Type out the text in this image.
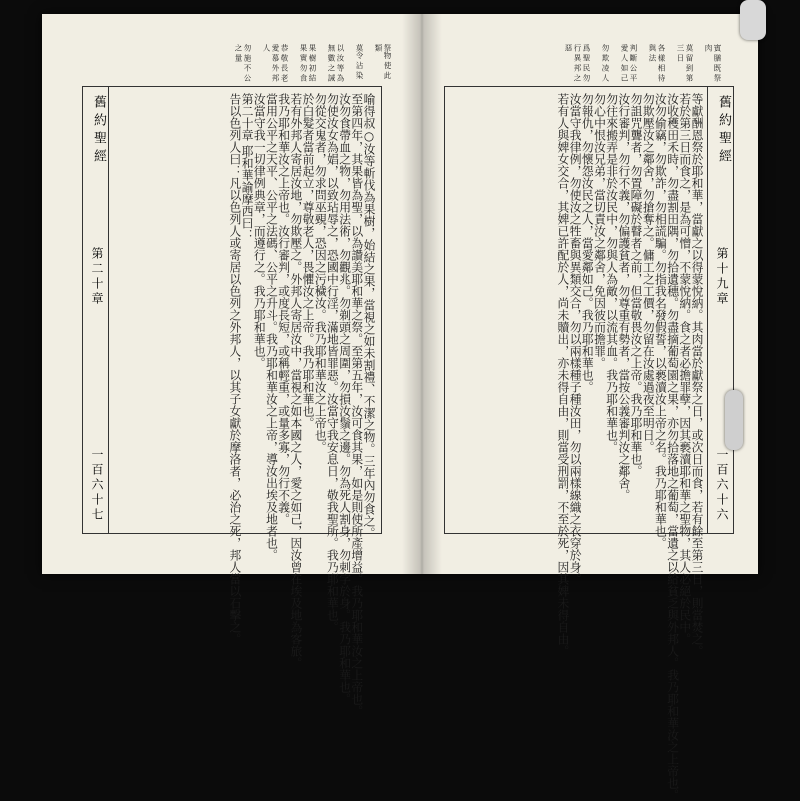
祭物 使 此 類
莫令 沾 染
以 汝 等 為 無 數 之 誡
果 樹 初 結 果 實 勿 食
恭 敬 長 老 愛 慕 外 邦 人
勿 施 不 公 之 量
舊約聖經
第二十章
一百六十七	喻得叔○汝等斬伐為果樹，始結之果，當視之如未割禮、不潔之物。三年內勿食之。
至第四年，其果皆為聖，以為讚美耶和華之祭。至第五年，汝可食其果，如是則使所產增益。我乃耶和華汝之上帝也。
汝勿食帶血之物，勿用法術，勿觀兆。勿剃頭之周圍，勿損汝鬚之邊。勿為死人割身，勿刺字於身。我乃耶和華也。
勿使汝女為娼，以致玷辱之，恐國中行淫，滿地皆罪惡。汝當守我安息日，敬我聖所。我乃耶和華也。
勿從交鬼者，勿求問巫覡，恐因之污穢汝。我乃耶和華汝之上帝也。
於白髮者當前起立，尊敬老人，畏懼汝之上帝。我乃耶和華也。
若有外邦人寄居汝地，勿欺壓之。外邦人寄居汝中，當視之如本國之人，愛之如己，因汝曾在埃及地為客旅。
我乃耶和華汝之上帝也。汝行審判，或度長短，或稱輕重，或量多寡，勿行不義。
當用公平之天平、公平之法碼、公平之升斗。我乃耶和華汝之上帝，導汝出埃及地者也。
汝當守我一切律例典章，而遵行之。我乃耶和華也。
第二十章 耶和華諭摩西曰：
告以色列人曰：凡以色列人或寄居以色列之外邦人，以其子女獻於摩洛者，必治之死，邦人當以石擊之。
賓 膳 既 祭 肉
莫 留 到 第 三 日
各 樣 相 待 與 法
判 斷 公 平 愛 人 如 己
勿 欺 凌 人
爲 聖 民 勿 行 異 邦 之 惡
舊約聖經
第十九章
一百六十六
等獻酬恩祭於耶和華，當獻之以得蒙悅納。其肉當於獻祭之日，或次日而食，若有餘至第三日，則當焚之。
若於第三日而食之，是為可憎，不蒙悅納。食之者必擔罪孽，因其褻瀆耶和華之聖物，其人必絕於民中。
汝收穫田禾時，勿盡割田隅，勿拾遺穗。勿盡摘葡萄園之果，亦勿拾落地之葡萄，當遺之以給貧乏與外邦人。我乃耶和華汝之上帝也。
汝勿偷竊，勿欺詐，勿相謊騙。勿指我名發假誓，以褻瀆汝上帝之名。我乃耶和華也。
勿欺壓汝之鄰舍，勿搶奪之。傭工之工價，勿留在汝處過夜至明日。
勿詛咒聾者，勿置障礙於瞽者之前，但當敬畏汝之上帝。我乃耶和華也。
汝行審判，勿行不義，勿偏護貧者，勿尊重有勢者，當按公義審判汝之鄰舍。
勿往來搬弄是非於汝民中，勿與人為敵，以流其血。我乃耶和華也。
勿心中恨汝兄弟，當切責汝之鄰舍，免因彼而擔罪。
勿報仇，勿懷怨汝民之人，當愛鄰如己。我乃耶和華也。
汝當守我律例，勿使汝之牲畜與異類交合，勿以兩樣種子種汝田，勿以兩樣線織之衣穿於身。
若有人與婢女交合，其婢已許配於人，尚未贖出，亦未得自由，則當受刑罰，不至於死，因其婢未得自由。
